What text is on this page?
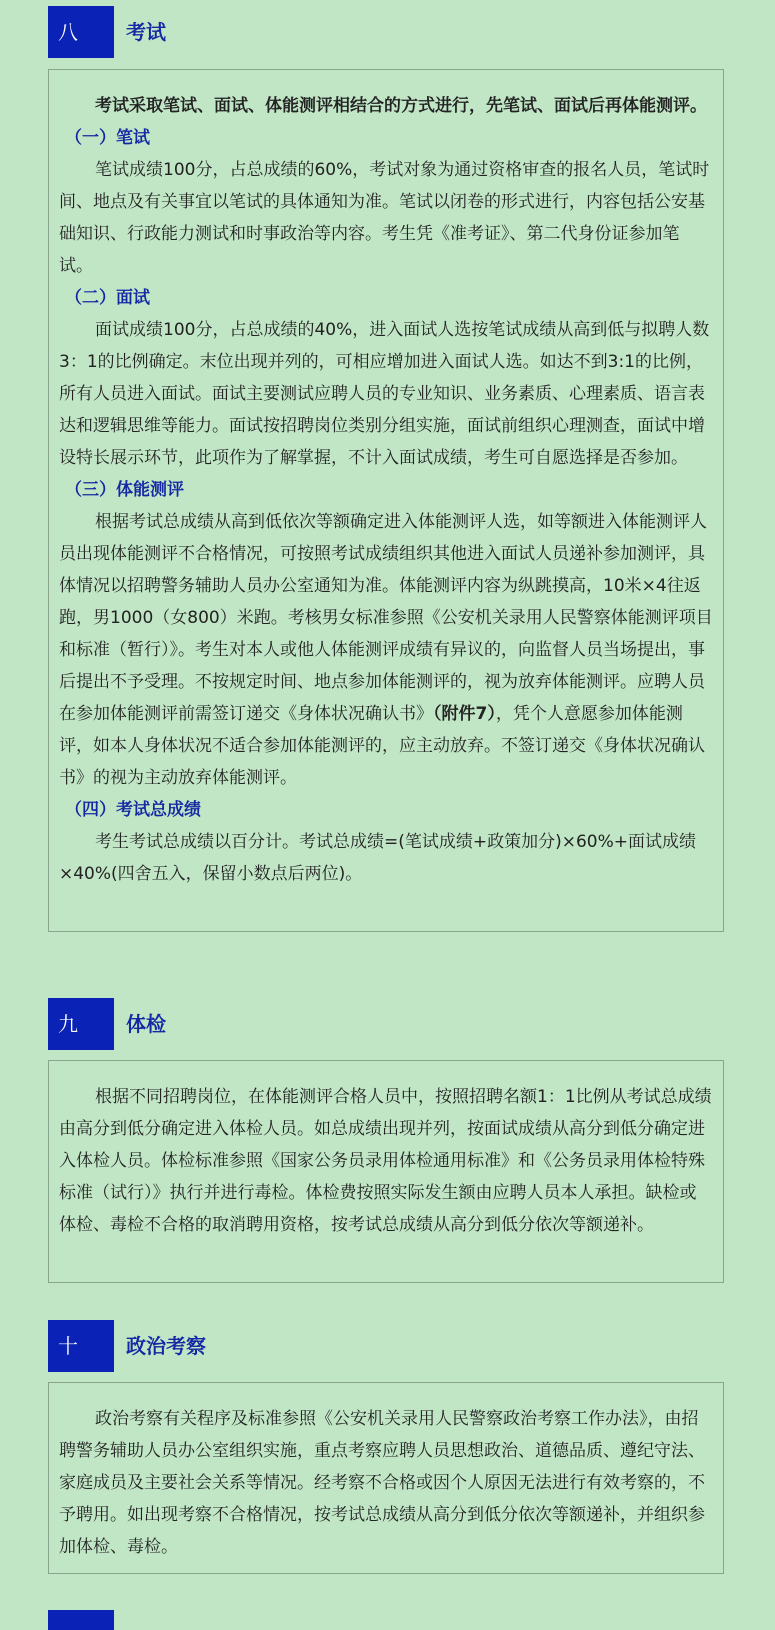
八	考试

考试采取笔试、面试、体能测评相结合的方式进行，先笔试、面试后再体能测评。

（一）笔试

笔试成绩100分，占总成绩的60%，考试对象为通过资格审查的报名人员，笔试时间、地点及有关事宜以笔试的具体通知为准。笔试以闭卷的形式进行，内容包括公安基础知识、行政能力测试和时事政治等内容。考生凭《准考证》、第二代身份证参加笔试。

（二）面试

面试成绩100分，占总成绩的40%，进入面试人选按笔试成绩从高到低与拟聘人数3：1的比例确定。末位出现并列的，可相应增加进入面试人选。如达不到3:1的比例，所有人员进入面试。面试主要测试应聘人员的专业知识、业务素质、心理素质、语言表达和逻辑思维等能力。面试按招聘岗位类别分组实施，面试前组织心理测查，面试中增设特长展示环节，此项作为了解掌握，不计入面试成绩，考生可自愿选择是否参加。

（三）体能测评

根据考试总成绩从高到低依次等额确定进入体能测评人选，如等额进入体能测评人员出现体能测评不合格情况，可按照考试成绩组织其他进入面试人员递补参加测评，具体情况以招聘警务辅助人员办公室通知为准。体能测评内容为纵跳摸高，10米×4往返跑，男1000（女800）米跑。考核男女标准参照《公安机关录用人民警察体能测评项目和标准（暂行）》。考生对本人或他人体能测评成绩有异议的，向监督人员当场提出，事后提出不予受理。不按规定时间、地点参加体能测评的，视为放弃体能测评。应聘人员在参加体能测评前需签订递交《身体状况确认书》（附件7），凭个人意愿参加体能测评，如本人身体状况不适合参加体能测评的，应主动放弃。不签订递交《身体状况确认书》的视为主动放弃体能测评。

（四）考试总成绩

考生考试总成绩以百分计。考试总成绩=(笔试成绩+政策加分)×60%+面试成绩×40%(四舍五入，保留小数点后两位)。

九	体检

根据不同招聘岗位，在体能测评合格人员中，按照招聘名额1：1比例从考试总成绩由高分到低分确定进入体检人员。如总成绩出现并列，按面试成绩从高分到低分确定进入体检人员。体检标准参照《国家公务员录用体检通用标准》和《公务员录用体检特殊标准（试行）》执行并进行毒检。体检费按照实际发生额由应聘人员本人承担。缺检或体检、毒检不合格的取消聘用资格，按考试总成绩从高分到低分依次等额递补。

十	政治考察

政治考察有关程序及标准参照《公安机关录用人民警察政治考察工作办法》，由招聘警务辅助人员办公室组织实施，重点考察应聘人员思想政治、道德品质、遵纪守法、家庭成员及主要社会关系等情况。经考察不合格或因个人原因无法进行有效考察的，不予聘用。如出现考察不合格情况，按考试总成绩从高分到低分依次等额递补，并组织参加体检、毒检。
